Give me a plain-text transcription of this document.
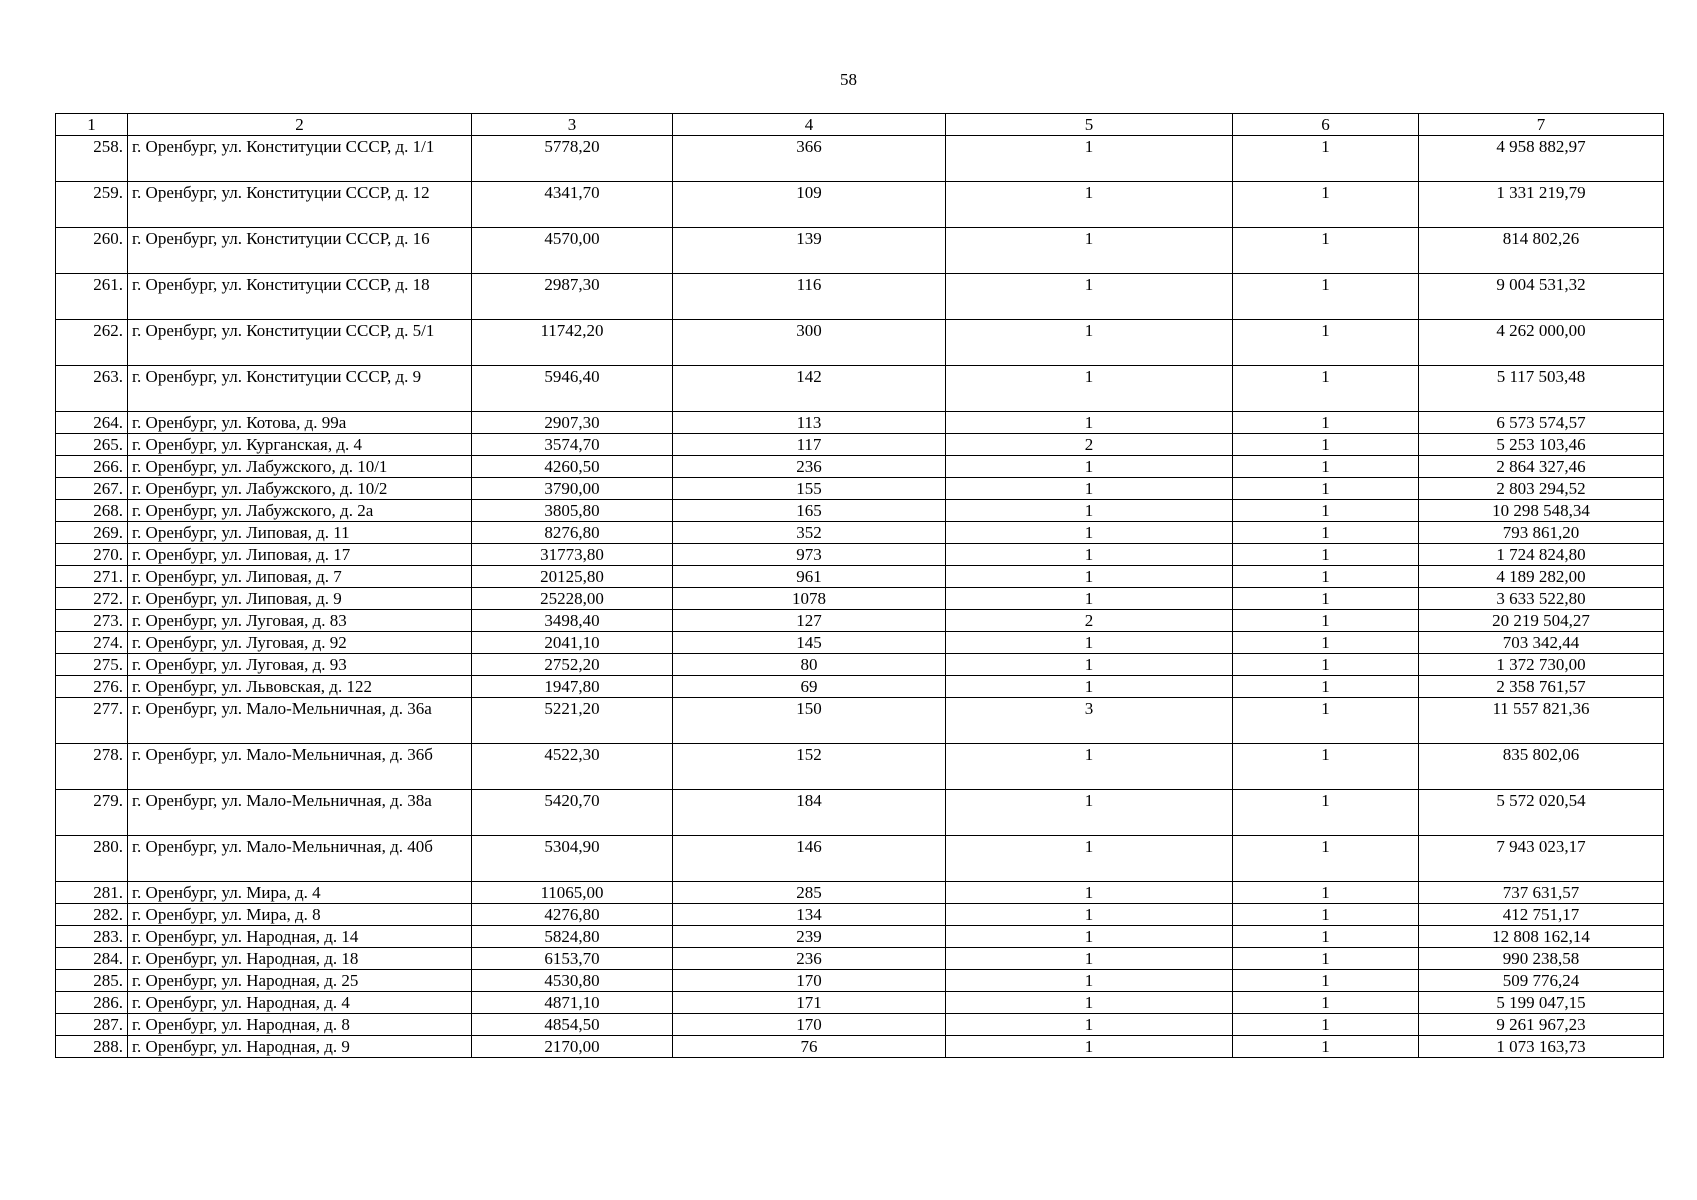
58
1	2	3	4	5	6	7
258.	г. Оренбург, ул. Конституции СССР, д. 1/1	5778,20	366	1	1	4 958 882,97
259.	г. Оренбург, ул. Конституции СССР, д. 12	4341,70	109	1	1	1 331 219,79
260.	г. Оренбург, ул. Конституции СССР, д. 16	4570,00	139	1	1	814 802,26
261.	г. Оренбург, ул. Конституции СССР, д. 18	2987,30	116	1	1	9 004 531,32
262.	г. Оренбург, ул. Конституции СССР, д. 5/1	11742,20	300	1	1	4 262 000,00
263.	г. Оренбург, ул. Конституции СССР, д. 9	5946,40	142	1	1	5 117 503,48
264.	г. Оренбург, ул. Котова, д. 99а	2907,30	113	1	1	6 573 574,57
265.	г. Оренбург, ул. Курганская, д. 4	3574,70	117	2	1	5 253 103,46
266.	г. Оренбург, ул. Лабужского, д. 10/1	4260,50	236	1	1	2 864 327,46
267.	г. Оренбург, ул. Лабужского, д. 10/2	3790,00	155	1	1	2 803 294,52
268.	г. Оренбург, ул. Лабужского, д. 2а	3805,80	165	1	1	10 298 548,34
269.	г. Оренбург, ул. Липовая, д. 11	8276,80	352	1	1	793 861,20
270.	г. Оренбург, ул. Липовая, д. 17	31773,80	973	1	1	1 724 824,80
271.	г. Оренбург, ул. Липовая, д. 7	20125,80	961	1	1	4 189 282,00
272.	г. Оренбург, ул. Липовая, д. 9	25228,00	1078	1	1	3 633 522,80
273.	г. Оренбург, ул. Луговая, д. 83	3498,40	127	2	1	20 219 504,27
274.	г. Оренбург, ул. Луговая, д. 92	2041,10	145	1	1	703 342,44
275.	г. Оренбург, ул. Луговая, д. 93	2752,20	80	1	1	1 372 730,00
276.	г. Оренбург, ул. Львовская, д. 122	1947,80	69	1	1	2 358 761,57
277.	г. Оренбург, ул. Мало-Мельничная, д. 36а	5221,20	150	3	1	11 557 821,36
278.	г. Оренбург, ул. Мало-Мельничная, д. 36б	4522,30	152	1	1	835 802,06
279.	г. Оренбург, ул. Мало-Мельничная, д. 38а	5420,70	184	1	1	5 572 020,54
280.	г. Оренбург, ул. Мало-Мельничная, д. 40б	5304,90	146	1	1	7 943 023,17
281.	г. Оренбург, ул. Мира, д. 4	11065,00	285	1	1	737 631,57
282.	г. Оренбург, ул. Мира, д. 8	4276,80	134	1	1	412 751,17
283.	г. Оренбург, ул. Народная, д. 14	5824,80	239	1	1	12 808 162,14
284.	г. Оренбург, ул. Народная, д. 18	6153,70	236	1	1	990 238,58
285.	г. Оренбург, ул. Народная, д. 25	4530,80	170	1	1	509 776,24
286.	г. Оренбург, ул. Народная, д. 4	4871,10	171	1	1	5 199 047,15
287.	г. Оренбург, ул. Народная, д. 8	4854,50	170	1	1	9 261 967,23
288.	г. Оренбург, ул. Народная, д. 9	2170,00	76	1	1	1 073 163,73
